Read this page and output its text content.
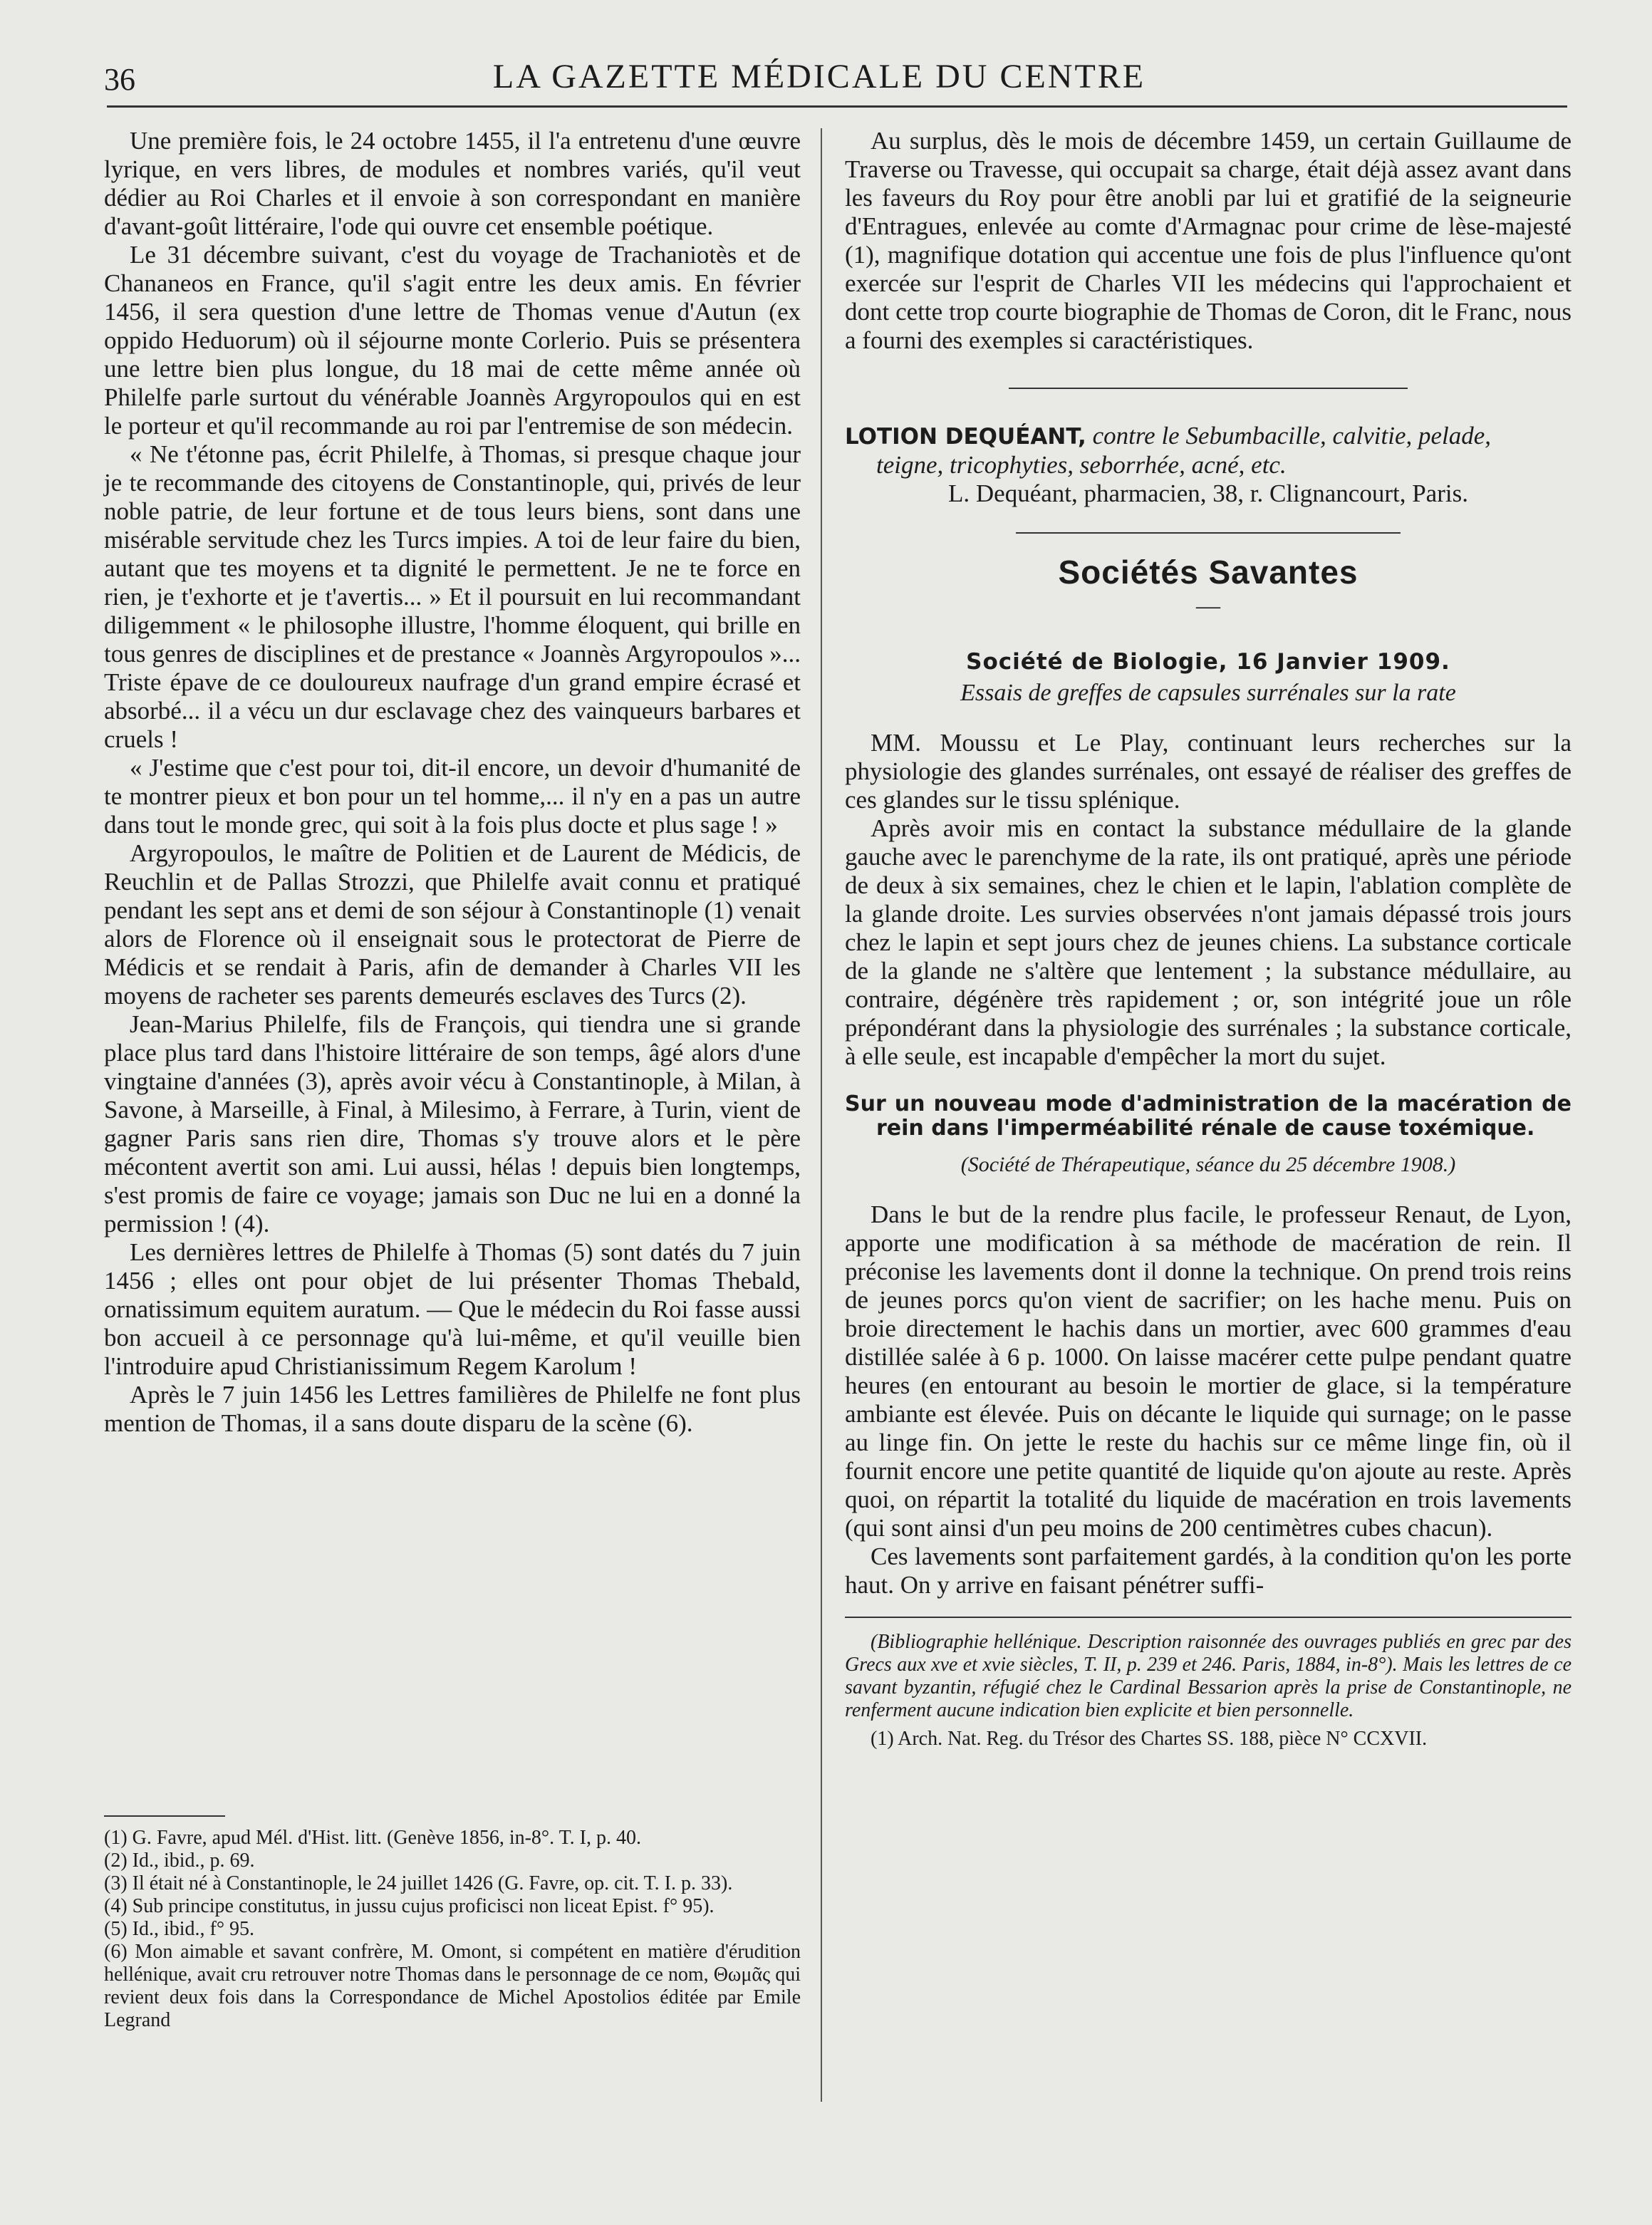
36	LA GAZETTE MÉDICALE DU CENTRE

Une première fois, le 24 octobre 1455, il l'a entretenu d'une œuvre lyrique, en vers libres, de modules et nombres variés, qu'il veut dédier au Roi Charles et il envoie à son correspondant en manière d'avant-goût littéraire, l'ode qui ouvre cet ensemble poétique.

Le 31 décembre suivant, c'est du voyage de Trachaniotès et de Chananeos en France, qu'il s'agit entre les deux amis. En février 1456, il sera question d'une lettre de Thomas venue d'Autun (ex oppido Heduorum) où il séjourne monte Corlerio. Puis se présentera une lettre bien plus longue, du 18 mai de cette même année où Philelfe parle surtout du vénérable Joannès Argyropoulos qui en est le porteur et qu'il recommande au roi par l'entremise de son médecin.

« Ne t'étonne pas, écrit Philelfe, à Thomas, si presque chaque jour je te recommande des citoyens de Constantinople, qui, privés de leur noble patrie, de leur fortune et de tous leurs biens, sont dans une misérable servitude chez les Turcs impies. A toi de leur faire du bien, autant que tes moyens et ta dignité le permettent. Je ne te force en rien, je t'exhorte et je t'avertis... » Et il poursuit en lui recommandant diligemment « le philosophe illustre, l'homme éloquent, qui brille en tous genres de disciplines et de prestance « Joannès Argyropoulos »... Triste épave de ce douloureux naufrage d'un grand empire écrasé et absorbé... il a vécu un dur esclavage chez des vainqueurs barbares et cruels !

« J'estime que c'est pour toi, dit-il encore, un devoir d'humanité de te montrer pieux et bon pour un tel homme,... il n'y en a pas un autre dans tout le monde grec, qui soit à la fois plus docte et plus sage ! »

Argyropoulos, le maître de Politien et de Laurent de Médicis, de Reuchlin et de Pallas Strozzi, que Philelfe avait connu et pratiqué pendant les sept ans et demi de son séjour à Constantinople (1) venait alors de Florence où il enseignait sous le protectorat de Pierre de Médicis et se rendait à Paris, afin de demander à Charles VII les moyens de racheter ses parents demeurés esclaves des Turcs (2).

Jean-Marius Philelfe, fils de François, qui tiendra une si grande place plus tard dans l'histoire littéraire de son temps, âgé alors d'une vingtaine d'années (3), après avoir vécu à Constantinople, à Milan, à Savone, à Marseille, à Final, à Milesimo, à Ferrare, à Turin, vient de gagner Paris sans rien dire, Thomas s'y trouve alors et le père mécontent avertit son ami. Lui aussi, hélas ! depuis bien longtemps, s'est promis de faire ce voyage; jamais son Duc ne lui en a donné la permission ! (4).

Les dernières lettres de Philelfe à Thomas (5) sont datés du 7 juin 1456 ; elles ont pour objet de lui présenter Thomas Thebald, ornatissimum equitem auratum. — Que le médecin du Roi fasse aussi bon accueil à ce personnage qu'à lui-même, et qu'il veuille bien l'introduire apud Christianissimum Regem Karolum !

Après le 7 juin 1456 les Lettres familières de Philelfe ne font plus mention de Thomas, il a sans doute disparu de la scène (6).

(1) G. Favre, apud Mél. d'Hist. litt. (Genève 1856, in-8°. T. I, p. 40.

(2) Id., ibid., p. 69.

(3) Il était né à Constantinople, le 24 juillet 1426 (G. Favre, op. cit. T. I. p. 33).

(4) Sub principe constitutus, in jussu cujus proficisci non liceat Epist. f° 95).

(5) Id., ibid., f° 95.

(6) Mon aimable et savant confrère, M. Omont, si compétent en matière d'érudition hellénique, avait cru retrouver notre Thomas dans le personnage de ce nom, Θωμᾶς qui revient deux fois dans la Correspondance de Michel Apostolios éditée par Emile Legrand

Au surplus, dès le mois de décembre 1459, un certain Guillaume de Traverse ou Travesse, qui occupait sa charge, était déjà assez avant dans les faveurs du Roy pour être anobli par lui et gratifié de la seigneurie d'Entragues, enlevée au comte d'Armagnac pour crime de lèse-majesté (1), magnifique dotation qui accentue une fois de plus l'influence qu'ont exercée sur l'esprit de Charles VII les médecins qui l'approchaient et dont cette trop courte biographie de Thomas de Coron, dit le Franc, nous a fourni des exemples si caractéristiques.

LOTION DEQUÉANT, contre le Sebumbacille, calvitie, pelade,

teigne, tricophyties, seborrhée, acné, etc.

L. Dequéant, pharmacien, 38, r. Clignancourt, Paris.

Sociétés Savantes
—
Société de Biologie, 16 Janvier 1909.
Essais de greffes de capsules surrénales sur la rate

MM. Moussu et Le Play, continuant leurs recherches sur la physiologie des glandes surrénales, ont essayé de réaliser des greffes de ces glandes sur le tissu splénique.

Après avoir mis en contact la substance médullaire de la glande gauche avec le parenchyme de la rate, ils ont pratiqué, après une période de deux à six semaines, chez le chien et le lapin, l'ablation complète de la glande droite. Les survies observées n'ont jamais dépassé trois jours chez le lapin et sept jours chez de jeunes chiens. La substance corticale de la glande ne s'altère que lentement ; la substance médullaire, au contraire, dégénère très rapidement ; or, son intégrité joue un rôle prépondérant dans la physiologie des surrénales ; la substance corticale, à elle seule, est incapable d'empêcher la mort du sujet.

Sur un nouveau mode d'administration de la macération de rein dans l'imperméabilité rénale de cause toxémique.
(Société de Thérapeutique, séance du 25 décembre 1908.)

Dans le but de la rendre plus facile, le professeur Renaut, de Lyon, apporte une modification à sa méthode de macération de rein. Il préconise les lavements dont il donne la technique. On prend trois reins de jeunes porcs qu'on vient de sacrifier; on les hache menu. Puis on broie directement le hachis dans un mortier, avec 600 grammes d'eau distillée salée à 6 p. 1000. On laisse macérer cette pulpe pendant quatre heures (en entourant au besoin le mortier de glace, si la température ambiante est élevée. Puis on décante le liquide qui surnage; on le passe au linge fin. On jette le reste du hachis sur ce même linge fin, où il fournit encore une petite quantité de liquide qu'on ajoute au reste. Après quoi, on répartit la totalité du liquide de macération en trois lavements (qui sont ainsi d'un peu moins de 200 centimètres cubes chacun).

Ces lavements sont parfaitement gardés, à la condition qu'on les porte haut. On y arrive en faisant pénétrer suffi-

(Bibliographie hellénique. Description raisonnée des ouvrages publiés en grec par des Grecs aux xve et xvie siècles, T. II, p. 239 et 246. Paris, 1884, in-8°). Mais les lettres de ce savant byzantin, réfugié chez le Cardinal Bessarion après la prise de Constantinople, ne renferment aucune indication bien explicite et bien personnelle.

(1) Arch. Nat. Reg. du Trésor des Chartes SS. 188, pièce N° CCXVII.
